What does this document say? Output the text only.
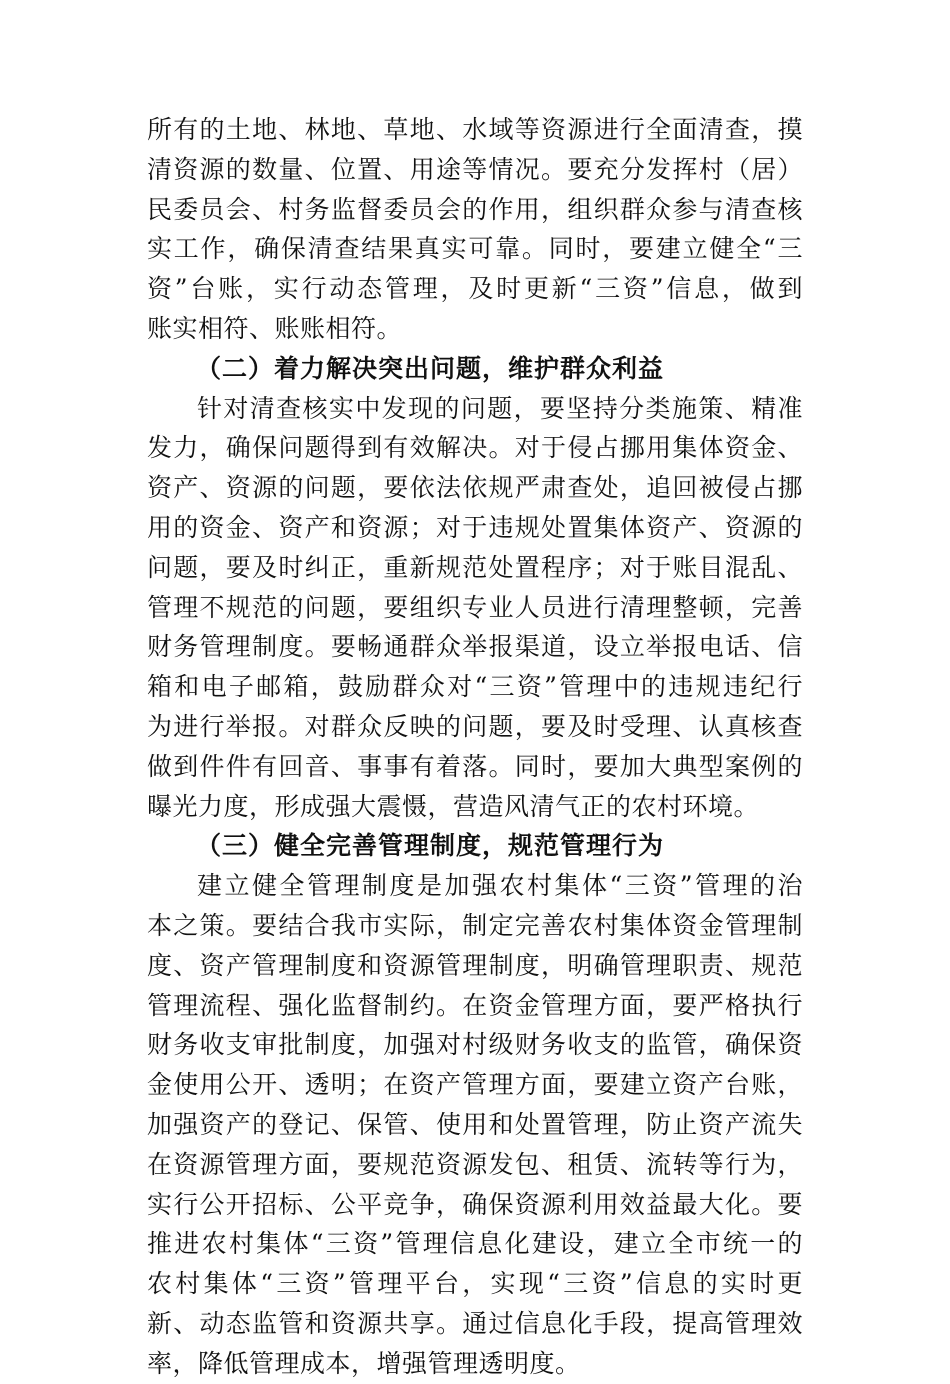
所有的土地、林地、草地、水域等资源进行全面清查，摸
清资源的数量、位置、用途等情况。要充分发挥村（居）
民委员会、村务监督委员会的作用，组织群众参与清查核
实工作，确保清查结果真实可靠。同时，要建立健全“三
资”台账，实行动态管理，及时更新“三资”信息，做到
账实相符、账账相符。
（二）着力解决突出问题，维护群众利益
针对清查核实中发现的问题，要坚持分类施策、精准
发力，确保问题得到有效解决。对于侵占挪用集体资金、
资产、资源的问题，要依法依规严肃查处，追回被侵占挪
用的资金、资产和资源；对于违规处置集体资产、资源的
问题，要及时纠正，重新规范处置程序；对于账目混乱、
管理不规范的问题，要组织专业人员进行清理整顿，完善
财务管理制度。要畅通群众举报渠道，设立举报电话、信
箱和电子邮箱，鼓励群众对“三资”管理中的违规违纪行
为进行举报。对群众反映的问题，要及时受理、认真核查
做到件件有回音、事事有着落。同时，要加大典型案例的
曝光力度，形成强大震慑，营造风清气正的农村环境。
（三）健全完善管理制度，规范管理行为
建立健全管理制度是加强农村集体“三资”管理的治
本之策。要结合我市实际，制定完善农村集体资金管理制
度、资产管理制度和资源管理制度，明确管理职责、规范
管理流程、强化监督制约。在资金管理方面，要严格执行
财务收支审批制度，加强对村级财务收支的监管，确保资
金使用公开、透明；在资产管理方面，要建立资产台账，
加强资产的登记、保管、使用和处置管理，防止资产流失
在资源管理方面，要规范资源发包、租赁、流转等行为，
实行公开招标、公平竞争，确保资源利用效益最大化。要
推进农村集体“三资”管理信息化建设，建立全市统一的
农村集体“三资”管理平台，实现“三资”信息的实时更
新、动态监管和资源共享。通过信息化手段，提高管理效
率，降低管理成本，增强管理透明度。
